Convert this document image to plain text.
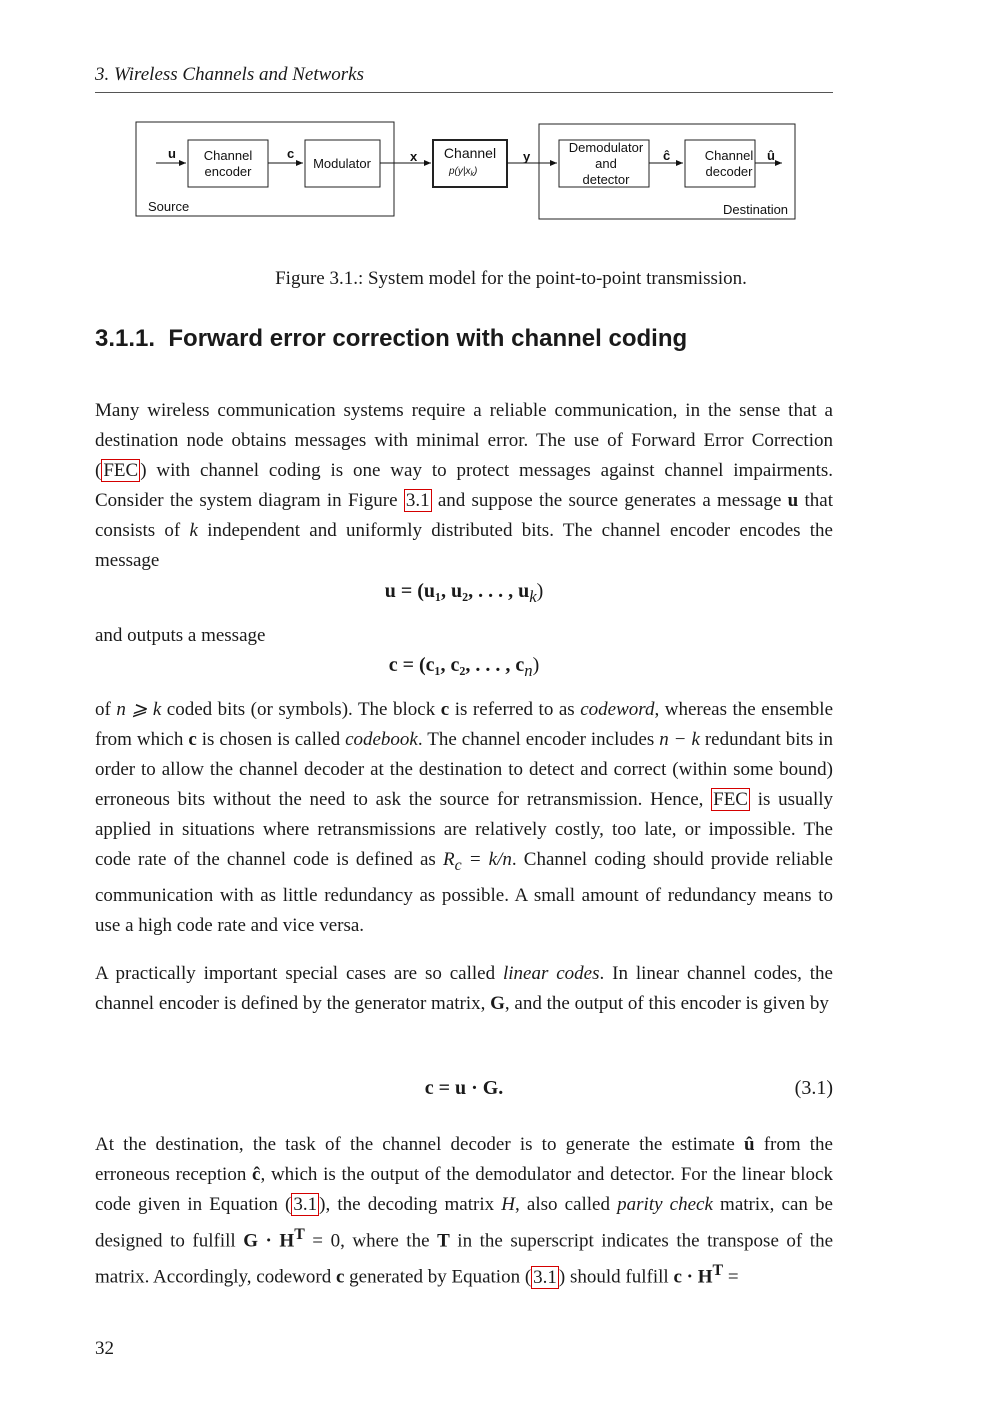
3. Wireless Channels and Networks
Source	Destination
Channel
encoder
Modulator
Channel
$p(y|x_k)$
Demodulator
and
detector
Channel
decoder
u	c	x	y	ĉ	û
Figure 3.1.: System model for the point-to-point transmission.
3.1.1. Forward error correction with channel coding
Many wireless communication systems require a reliable communication, in the sense that a destination node obtains messages with minimal error. The use of Forward Error Correction ( FEC ) with channel coding is one way to protect messages against channel impairments. Consider the system diagram in Figure 3.1 and suppose the source generates a message u that consists of k independent and uniformly distributed bits. The channel encoder encodes the message
u = (u₁, u₂, . . . , $u_k$)
and outputs a message
c = (c₁, c₂, . . . , $c_n$)
of n ⩾ k coded bits (or symbols). The block c is referred to as codeword, whereas the ensemble from which c is chosen is called codebook. The channel encoder includes n − k redundant bits in order to allow the channel decoder at the destination to detect and correct (within some bound) erroneous bits without the need to ask the source for retransmission. Hence, FEC is usually applied in situations where retransmissions are relatively costly, too late, or impossible. The code rate of the channel code is defined as $R_c = k/n$. Channel coding should provide reliable communication with as little redundancy as possible. A small amount of redundancy means to use a high code rate and vice versa.
A practically important special cases are so called linear codes. In linear channel codes, the channel encoder is defined by the generator matrix, G, and the output of this encoder is given by
c = u · G.	(3.1)
At the destination, the task of the channel decoder is to generate the estimate û from the erroneous reception ĉ, which is the output of the demodulator and detector. For the linear block code given in Equation ( 3.1 ), the decoding matrix H, also called parity check matrix, can be designed to fulfill $G \cdot H^T = 0$, where the T in the superscript indicates the transpose of the matrix. Accordingly, codeword c generated by Equation ( 3.1 ) should fulfill $c \cdot H^T$ =
32
